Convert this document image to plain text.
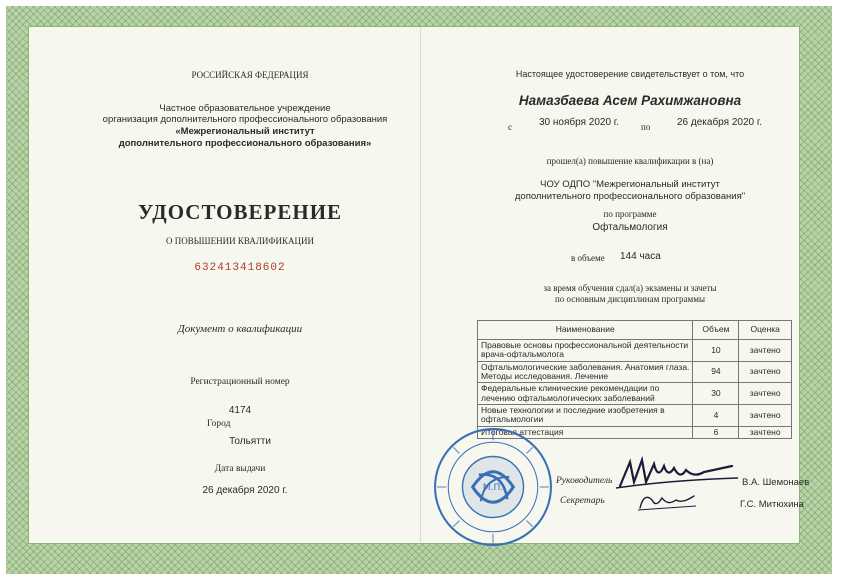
РОССИЙСКАЯ ФЕДЕРАЦИЯ
Частное образовательное учреждение
организация дополнительного профессионального образования
«Межрегиональный институт
дополнительного профессионального образования»
УДОСТОВЕРЕНИЕ
О ПОВЫШЕНИИ КВАЛИФИКАЦИИ
632413418602
Документ о квалификации
Регистрационный номер
4174
Город
Тольятти
Дата выдачи
26 декабря 2020 г.
Настоящее удостоверение свидетельствует о том, что
Намазбаева Асем Рахимжановна
с	30 ноября 2020 г. по	26 декабря 2020 г.
прошел(а) повышение квалификации в (на)
ЧОУ ОДПО "Межрегиональный институт
дополнительного профессионального образования"
по программе
Офтальмология
в объеме 144 часа
за время обучения сдал(а) экзамены и зачеты
по основным дисциплинам программы
Наименование	Объем	Оценка
Правовые основы профессиональной деятельности врача-офтальмолога	10	зачтено
Офтальмологические заболевания. Анатомия глаза. Методы исследования. Лечение	94	зачтено
Федеральные клинические рекомендации по лечению офтальмологических заболеваний	30	зачтено
Новые технологии и последние изобретения в офтальмологии	4	зачтено
Итоговая аттестация	6	зачтено
М.П.
Руководитель	В.А. Шемонаев
Секретарь	Г.С. Митюхина
